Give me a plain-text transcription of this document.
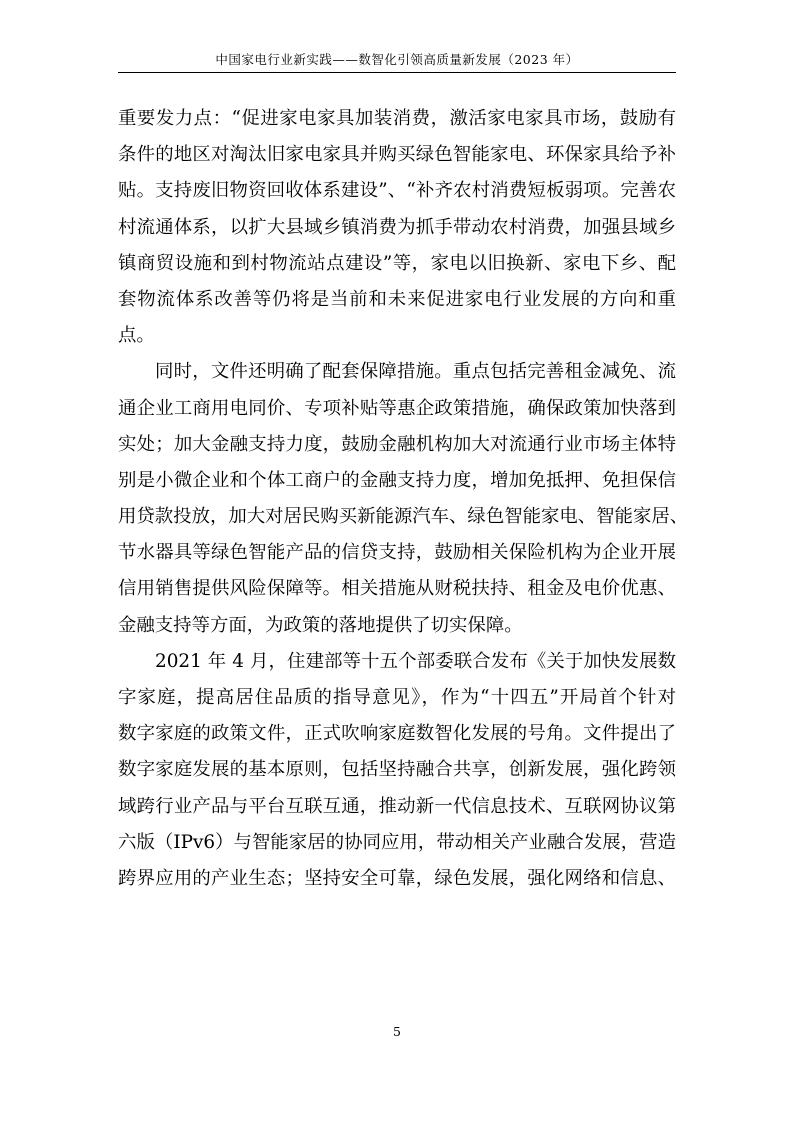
中国家电行业新实践——数智化引领高质量新发展（2023 年）
重要发力点：“促进家电家具加装消费，激活家电家具市场，鼓励有
条件的地区对淘汰旧家电家具并购买绿色智能家电、环保家具给予补
贴。支持废旧物资回收体系建设”、“补齐农村消费短板弱项。完善农
村流通体系，以扩大县域乡镇消费为抓手带动农村消费，加强县域乡
镇商贸设施和到村物流站点建设”等，家电以旧换新、家电下乡、配
套物流体系改善等仍将是当前和未来促进家电行业发展的方向和重
点。
同时，文件还明确了配套保障措施。重点包括完善租金减免、流
通企业工商用电同价、专项补贴等惠企政策措施，确保政策加快落到
实处；加大金融支持力度，鼓励金融机构加大对流通行业市场主体特
别是小微企业和个体工商户的金融支持力度，增加免抵押、免担保信
用贷款投放，加大对居民购买新能源汽车、绿色智能家电、智能家居、
节水器具等绿色智能产品的信贷支持，鼓励相关保险机构为企业开展
信用销售提供风险保障等。相关措施从财税扶持、租金及电价优惠、
金融支持等方面，为政策的落地提供了切实保障。
2021 年 4 月，住建部等十五个部委联合发布《关于加快发展数
字家庭，提高居住品质的指导意见》，作为“十四五”开局首个针对
数字家庭的政策文件，正式吹响家庭数智化发展的号角。文件提出了
数字家庭发展的基本原则，包括坚持融合共享，创新发展，强化跨领
域跨行业产品与平台互联互通，推动新一代信息技术、互联网协议第
六版（IPv6）与智能家居的协同应用，带动相关产业融合发展，营造
跨界应用的产业生态；坚持安全可靠，绿色发展，强化网络和信息、
5
